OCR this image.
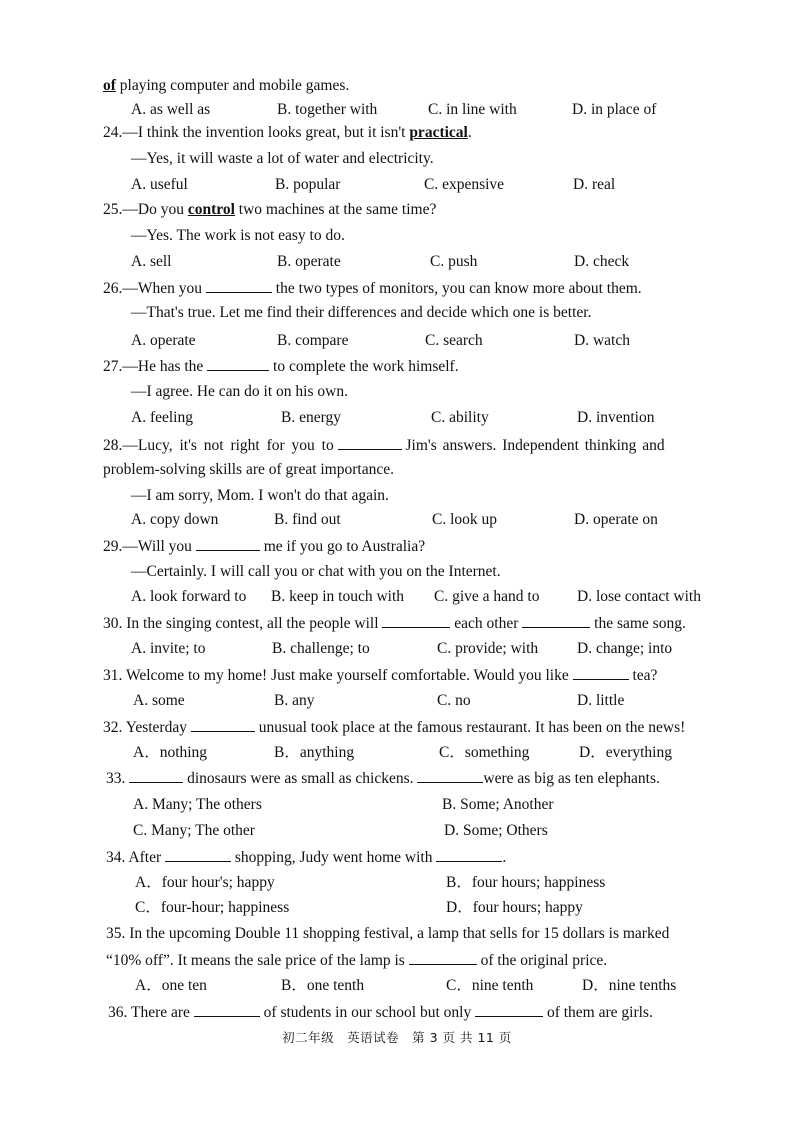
of playing computer and mobile games.
A. as well as	B. together with	C. in line with	D. in place of
24.—I think the invention looks great, but it isn't practical.
—Yes, it will waste a lot of water and electricity.
A. useful	B. popular	C. expensive	D. real
25.—Do you control two machines at the same time?
—Yes. The work is not easy to do.
A. sell	B. operate	C. push	D. check
26.—When you	the two types of monitors, you can know more about them.
—That's true. Let me find their differences and decide which one is better.
A. operate	B. compare	C. search	D. watch
27.—He has the	to complete the work himself.
—I agree. He can do it on his own.
A. feeling	B. energy	C. ability	D. invention
28.—Lucy, it's not right for you to	Jim's answers. Independent thinking and
problem-solving skills are of great importance.
—I am sorry, Mom. I won't do that again.
A. copy down	B. find out	C. look up	D. operate on
29.—Will you	me if you go to Australia?
—Certainly. I will call you or chat with you on the Internet.
A. look forward to B. keep in touch with C. give a hand to D. lose contact with
30. In the singing contest, all the people will	each other	the same song.
A. invite; to	B. challenge; to	C. provide; with	D. change; into
31. Welcome to my home! Just make yourself comfortable. Would you like	tea?
A. some	B. any	C. no	D. little
32. Yesterday	unusual took place at the famous restaurant. It has been on the news!
A．nothing	B．anything	C．something	D．everything
33.	dinosaurs were as small as chickens.	were as big as ten elephants.
A. Many; The others	B. Some; Another
C. Many; The other	D. Some; Others
34. After	shopping, Judy went home with	.
A．four hour's; happy	B．four hours; happiness
C．four-hour; happiness	D．four hours; happy
35. In the upcoming Double 11 shopping festival, a lamp that sells for 15 dollars is marked
“10% off”. It means the sale price of the lamp is	of the original price.
A．one ten	B．one tenth	C．nine tenth	D．nine tenths
36. There are	of students in our school but only	of them are girls.
初二年级　英语试卷　第 3 页 共 11 页
